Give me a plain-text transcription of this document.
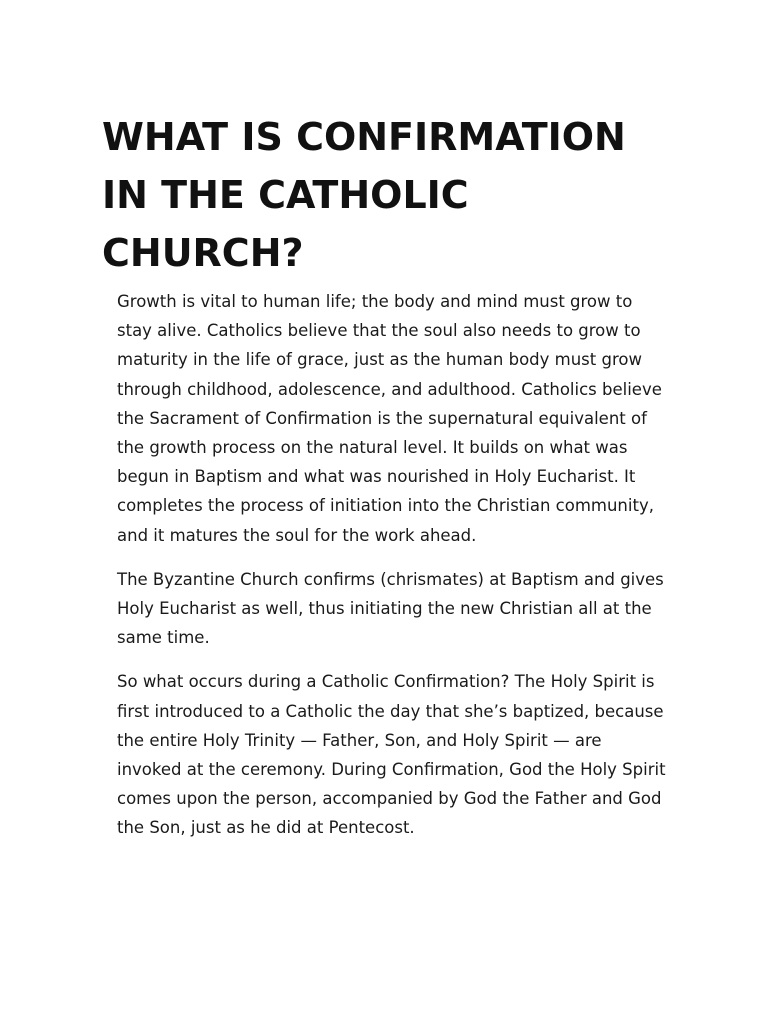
WHAT IS CONFIRMATION IN THE CATHOLIC CHURCH?

Growth is vital to human life; the body and mind must grow to stay alive. Catholics believe that the soul also needs to grow to maturity in the life of grace, just as the human body must grow through childhood, adolescence, and adulthood. Catholics believe the Sacrament of Confirmation is the supernatural equivalent of the growth process on the natural level. It builds on what was begun in Baptism and what was nourished in Holy Eucharist. It completes the process of initiation into the Christian community, and it matures the soul for the work ahead.

The Byzantine Church confirms (chrismates) at Baptism and gives Holy Eucharist as well, thus initiating the new Christian all at the same time.

So what occurs during a Catholic Confirmation? The Holy Spirit is first introduced to a Catholic the day that she’s baptized, because the entire Holy Trinity — Father, Son, and Holy Spirit — are invoked at the ceremony. During Confirmation, God the Holy Spirit comes upon the person, accompanied by God the Father and God the Son, just as he did at Pentecost.
